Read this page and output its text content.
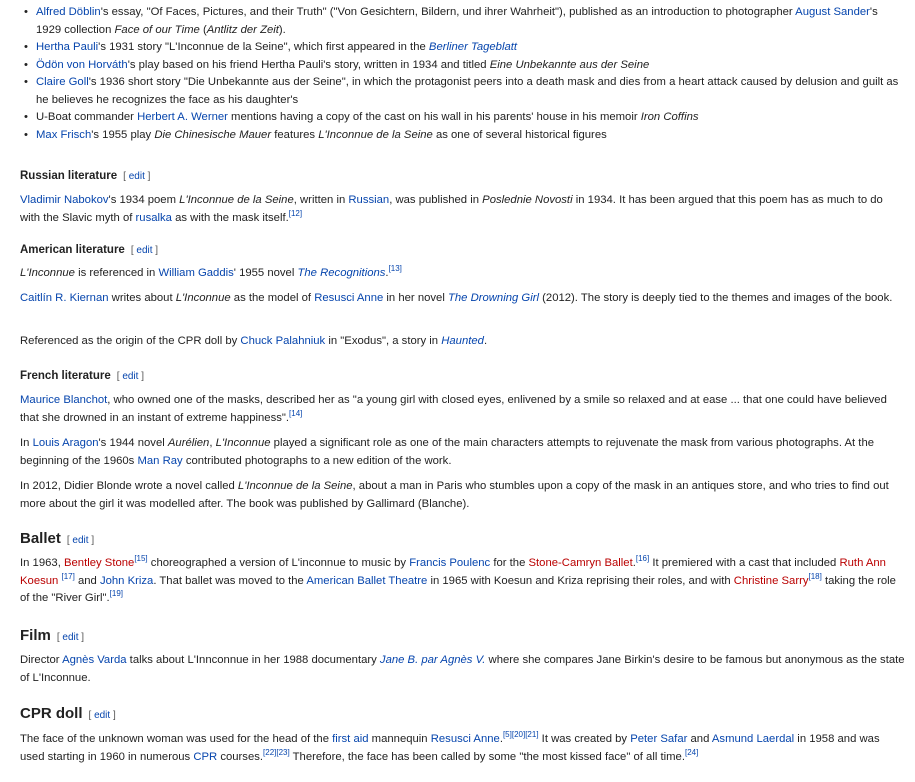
• Alfred Döblin's essay, "Of Faces, Pictures, and their Truth" ("Von Gesichtern, Bildern, und ihrer Wahrheit"), published as an introduction to photographer August Sander's 1929 collection Face of our Time (Antlitz der Zeit).
• Hertha Pauli's 1931 story "L'Inconnue de la Seine", which first appeared in the Berliner Tageblatt
• Ödön von Horváth's play based on his friend Hertha Pauli's story, written in 1934 and titled Eine Unbekannte aus der Seine
• Claire Goll's 1936 short story "Die Unbekannte aus der Seine", in which the protagonist peers into a death mask and dies from a heart attack caused by delusion and guilt as he believes he recognizes the face as his daughter's
• U-Boat commander Herbert A. Werner mentions having a copy of the cast on his wall in his parents' house in his memoir Iron Coffins
• Max Frisch's 1955 play Die Chinesische Mauer features L'Inconnue de la Seine as one of several historical figures
Russian literature [ edit ]

Vladimir Nabokov's 1934 poem L'Inconnue de la Seine, written in Russian, was published in Poslednie Novosti in 1934. It has been argued that this poem has as much to do with the Slavic myth of rusalka as with the mask itself.[12]

American literature [ edit ]

L'Inconnue is referenced in William Gaddis' 1955 novel The Recognitions.[13]

Caitlín R. Kiernan writes about L'Inconnue as the model of Resusci Anne in her novel The Drowning Girl (2012). The story is deeply tied to the themes and images of the book.

Referenced as the origin of the CPR doll by Chuck Palahniuk in "Exodus", a story in Haunted.

French literature [ edit ]

Maurice Blanchot, who owned one of the masks, described her as "a young girl with closed eyes, enlivened by a smile so relaxed and at ease ... that one could have believed that she drowned in an instant of extreme happiness".[14]

In Louis Aragon's 1944 novel Aurélien, L'Inconnue played a significant role as one of the main characters attempts to rejuvenate the mask from various photographs. At the beginning of the 1960s Man Ray contributed photographs to a new edition of the work.

In 2012, Didier Blonde wrote a novel called L'Inconnue de la Seine, about a man in Paris who stumbles upon a copy of the mask in an antiques store, and who tries to find out more about the girl it was modelled after. The book was published by Gallimard (Blanche).

Ballet [ edit ]

In 1963, Bentley Stone[15] choreographed a version of L'inconnue to music by Francis Poulenc for the Stone-Camryn Ballet.[16] It premiered with a cast that included Ruth Ann Koesun [17] and John Kriza. That ballet was moved to the American Ballet Theatre in 1965 with Koesun and Kriza reprising their roles, and with Christine Sarry[18] taking the role of the "River Girl".[19]

Film [ edit ]

Director Agnès Varda talks about L'Innconnue in her 1988 documentary Jane B. par Agnès V. where she compares Jane Birkin's desire to be famous but anonymous as the state of L'Inconnue.

CPR doll [ edit ]

The face of the unknown woman was used for the head of the first aid mannequin Resusci Anne.[5][20][21] It was created by Peter Safar and Asmund Laerdal in 1958 and was used starting in 1960 in numerous CPR courses.[22][23] Therefore, the face has been called by some "the most kissed face" of all time.[24]
